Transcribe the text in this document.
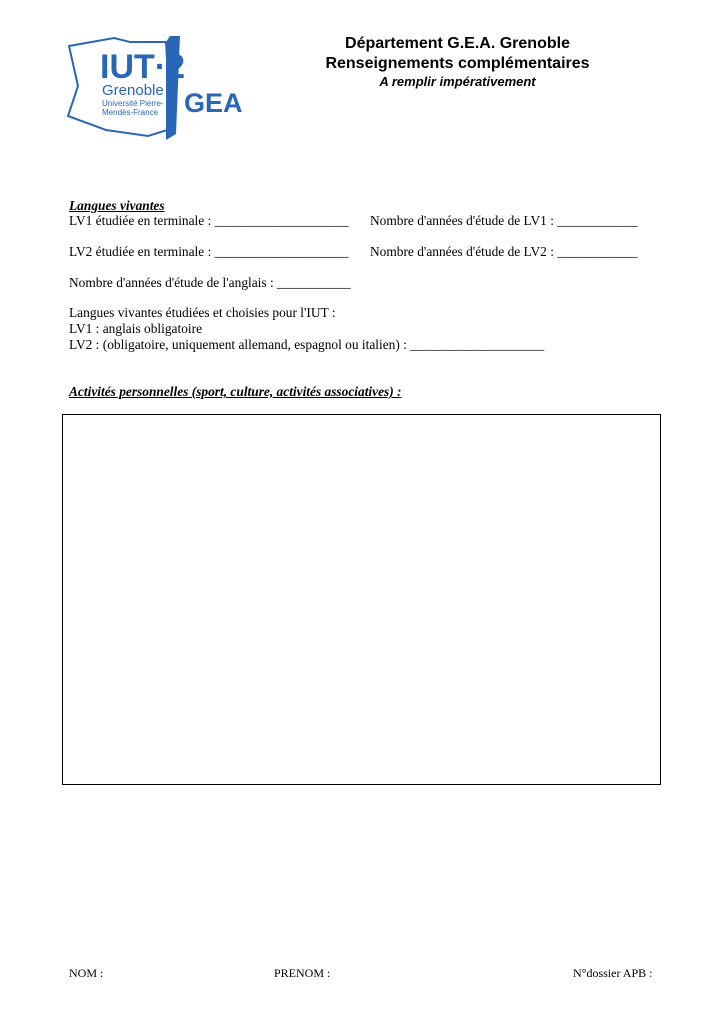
IUT·2
Grenoble
Université Pierre-
Mendès-France GEA
Département G.E.A. Grenoble
Renseignements complémentaires
A remplir impérativement
Langues vivantes
LV1 étudiée en terminale : ____________________ Nombre d'années d'étude de LV1 : ____________
LV2 étudiée en terminale : ____________________ Nombre d'années d'étude de LV2 : ____________
Nombre d'années d'étude de l'anglais : ___________
Langues vivantes étudiées et choisies pour l'IUT :
LV1 : anglais obligatoire
LV2 : (obligatoire, uniquement allemand, espagnol ou italien) : ____________________
Activités personnelles (sport, culture, activités associatives) :
NOM :	PRENOM :	N°dossier APB :
